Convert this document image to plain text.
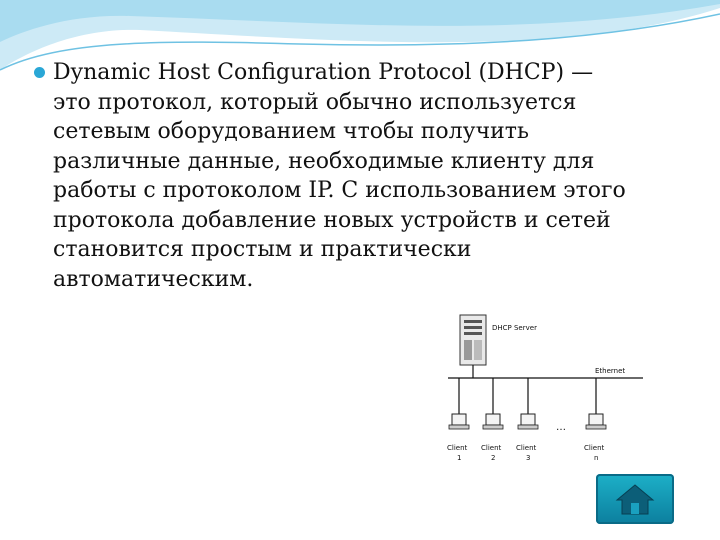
Dynamic Host Configuration Protocol (DHCP) — это протокол, который обычно используется сетевым оборудованием чтобы получить различные данные, необходимые клиенту для работы с протоколом IP. С использованием этого протокола добавление новых устройств и сетей становится простым и практически автоматическим.
DHCP Server
Ethernet
Client
1
Client
2
Client
3
…
Client
n
